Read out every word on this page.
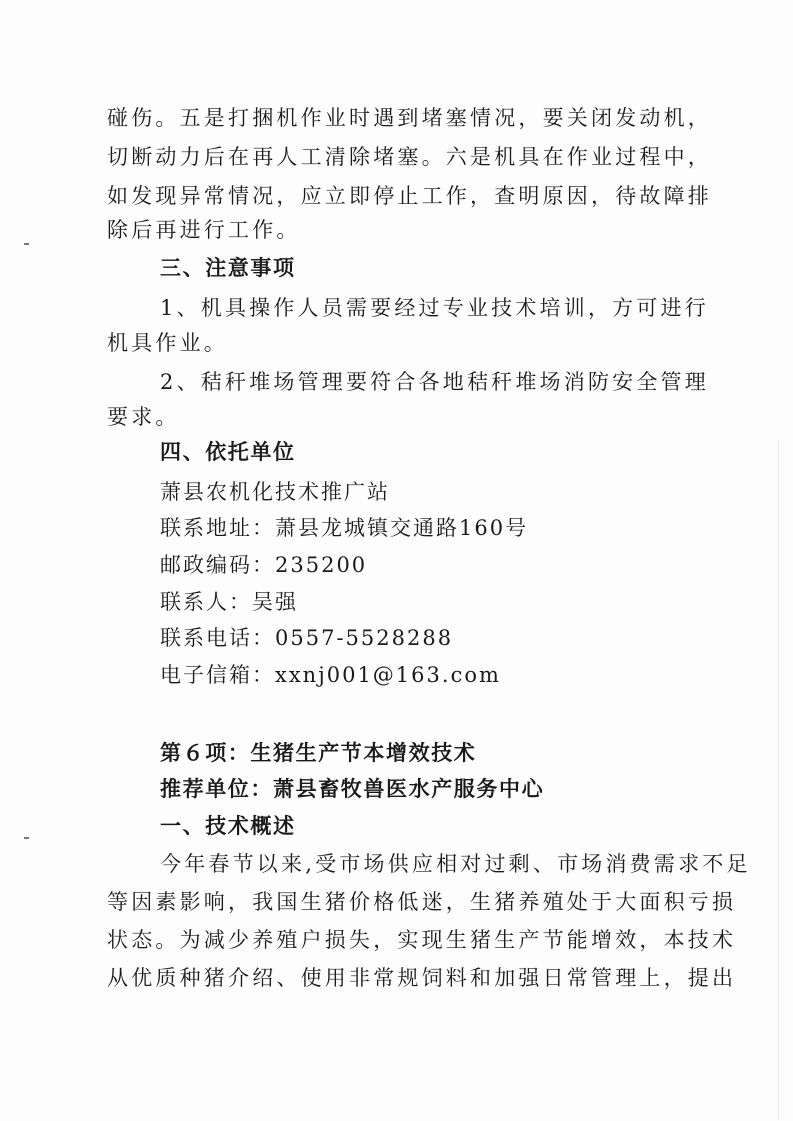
碰伤。五是打捆机作业时遇到堵塞情况，要关闭发动机，
切断动力后在再人工清除堵塞。六是机具在作业过程中，
如发现异常情况，应立即停止工作，查明原因，待故障排
除后再进行工作。
三、注意事项
1、机具操作人员需要经过专业技术培训，方可进行
机具作业。
2、秸秆堆场管理要符合各地秸秆堆场消防安全管理
要求。
四、依托单位
萧县农机化技术推广站
联系地址：萧县龙城镇交通路160号
邮政编码：235200
联系人：吴强
联系电话：0557-5528288
电子信箱：xxnj001@163.com
第６项：生猪生产节本增效技术
推荐单位：萧县畜牧兽医水产服务中心
一、技术概述
今年春节以来,受市场供应相对过剩、市场消费需求不足
等因素影响，我国生猪价格低迷，生猪养殖处于大面积亏损
状态。为减少养殖户损失，实现生猪生产节能增效，本技术
从优质种猪介绍、使用非常规饲料和加强日常管理上，提出
